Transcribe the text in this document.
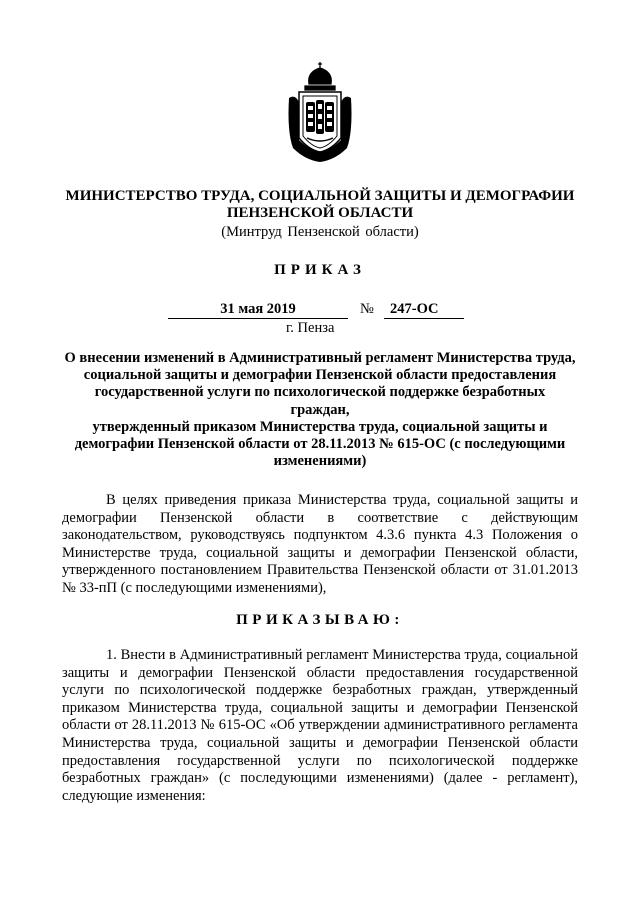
МИНИСТЕРСТВО ТРУДА, СОЦИАЛЬНОЙ ЗАЩИТЫ И ДЕМОГРАФИИ
ПЕНЗЕНСКОЙ ОБЛАСТИ
(Минтруд Пензенской области)
ПРИКАЗ
31 мая 2019	№	247-ОС
г. Пенза
О внесении изменений в Административный регламент Министерства труда,
социальной защиты и демографии Пензенской области предоставления
государственной услуги по психологической поддержке безработных граждан,
утвержденный приказом Министерства труда, социальной защиты и
демографии Пензенской области от 28.11.2013 № 615-ОС (с последующими
изменениями)
В целях приведения приказа Министерства труда, социальной защиты и демографии Пензенской области в соответствие с действующим законодательством, руководствуясь подпунктом 4.3.6 пункта 4.3 Положения о Министерстве труда, социальной защиты и демографии Пензенской области, утвержденного постановлением Правительства Пензенской области от 31.01.2013 № 33-пП (с последующими изменениями),
ПРИКАЗЫВАЮ:
1. Внести в Административный регламент Министерства труда, социальной защиты и демографии Пензенской области предоставления государственной услуги по психологической поддержке безработных граждан, утвержденный приказом Министерства труда, социальной защиты и демографии Пензенской области от 28.11.2013 № 615-ОС «Об утверждении административного регламента Министерства труда, социальной защиты и демографии Пензенской области предоставления государственной услуги по психологической поддержке безработных граждан» (с последующими изменениями) (далее - регламент), следующие изменения:
